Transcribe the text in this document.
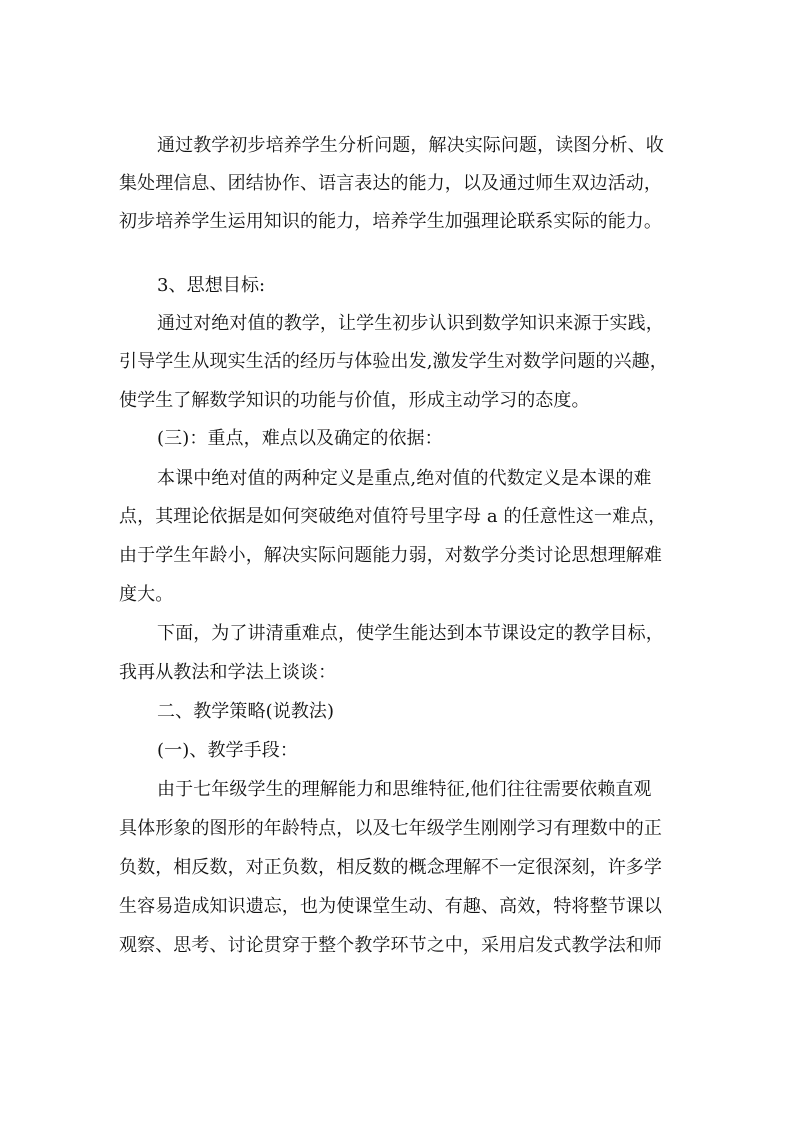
通过教学初步培养学生分析问题，解决实际问题，读图分析、收
集处理信息、团结协作、语言表达的能力，以及通过师生双边活动，
初步培养学生运用知识的能力，培养学生加强理论联系实际的能力。
3、思想目标:
通过对绝对值的教学，让学生初步认识到数学知识来源于实践，
引导学生从现实生活的经历与体验出发,激发学生对数学问题的兴趣，
使学生了解数学知识的功能与价值，形成主动学习的态度。
(三)：重点，难点以及确定的依据：
本课中绝对值的两种定义是重点,绝对值的代数定义是本课的难
点，其理论依据是如何突破绝对值符号里字母 a 的任意性这一难点，
由于学生年龄小，解决实际问题能力弱，对数学分类讨论思想理解难
度大。
下面，为了讲清重难点，使学生能达到本节课设定的教学目标，
我再从教法和学法上谈谈：
二、教学策略(说教法)
(一)、教学手段：
由于七年级学生的理解能力和思维特征,他们往往需要依赖直观
具体形象的图形的年龄特点，以及七年级学生刚刚学习有理数中的正
负数，相反数，对正负数，相反数的概念理解不一定很深刻，许多学
生容易造成知识遗忘，也为使课堂生动、有趣、高效，特将整节课以
观察、思考、讨论贯穿于整个教学环节之中，采用启发式教学法和师
